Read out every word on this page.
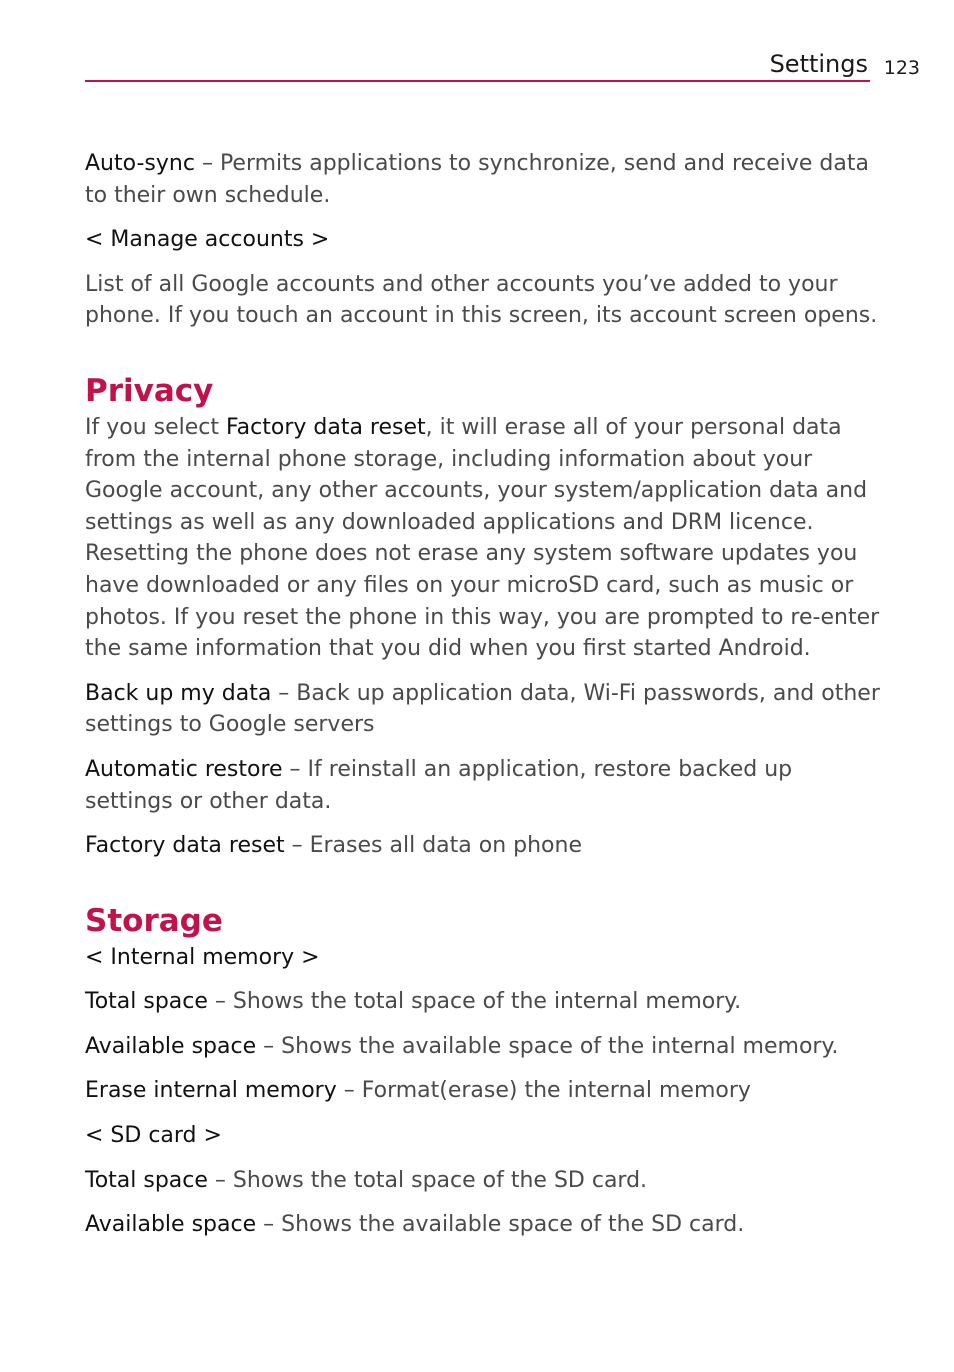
Settings 123

Auto-sync – Permits applications to synchronize, send and receive data to their own schedule.

< Manage accounts >

List of all Google accounts and other accounts you’ve added to your phone. If you touch an account in this screen, its account screen opens.

Privacy

If you select Factory data reset, it will erase all of your personal data
from the internal phone storage, including information about your Google account, any other accounts, your system/application data and settings as well as any downloaded applications and DRM licence. Resetting the phone does not erase any system software updates you have downloaded or any files on your microSD card, such as music or photos. If you reset the phone in this way, you are prompted to re-enter the same information that you did when you first started Android.

Back up my data – Back up application data, Wi-Fi passwords, and other settings to Google servers

Automatic restore – If reinstall an application, restore backed up settings or other data.

Factory data reset – Erases all data on phone

Storage

< Internal memory >

Total space – Shows the total space of the internal memory.

Available space – Shows the available space of the internal memory.

Erase internal memory – Format(erase) the internal memory

< SD card >

Total space – Shows the total space of the SD card.

Available space – Shows the available space of the SD card.
